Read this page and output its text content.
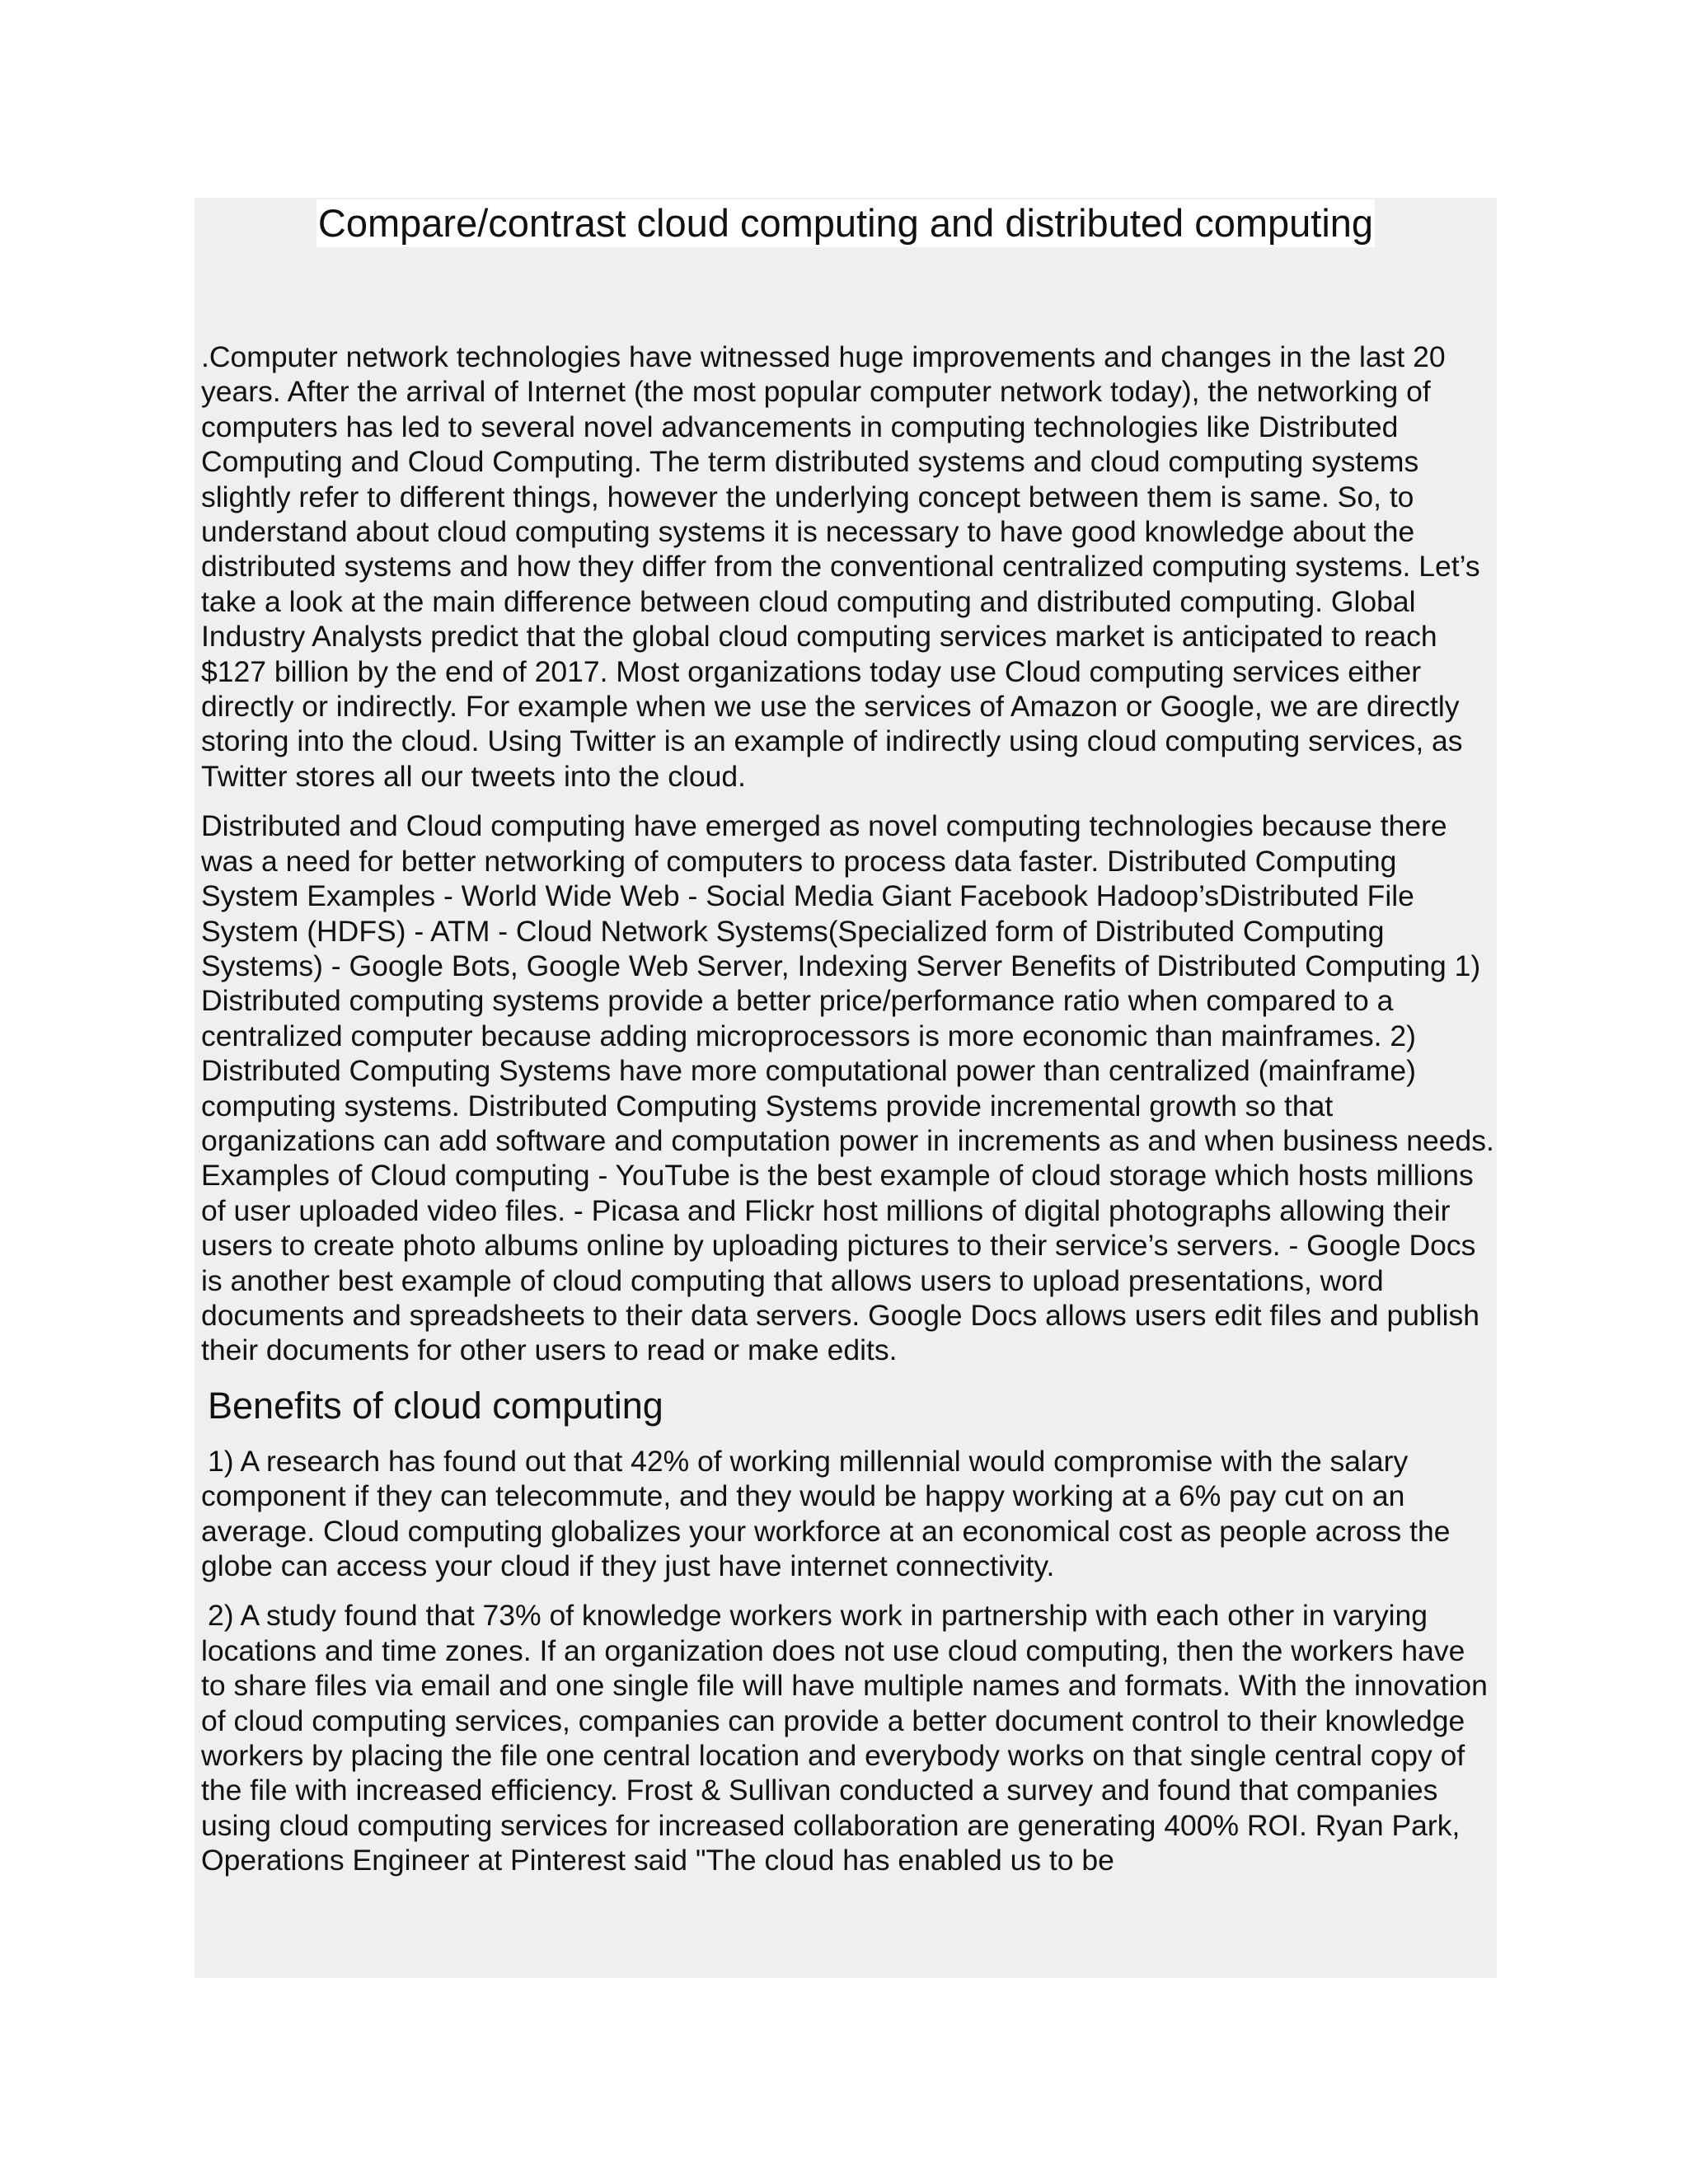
Compare/contrast cloud computing and distributed computing

.Computer network technologies have witnessed huge improvements and changes in the last 20 years. After the arrival of Internet (the most popular computer network today), the networking of computers has led to several novel advancements in computing technologies like Distributed Computing and Cloud Computing. The term distributed systems and cloud computing systems slightly refer to different things, however the underlying concept between them is same. So, to understand about cloud computing systems it is necessary to have good knowledge about the distributed systems and how they differ from the conventional centralized computing systems. Let’s take a look at the main difference between cloud computing and distributed computing. Global Industry Analysts predict that the global cloud computing services market is anticipated to reach $127 billion by the end of 2017. Most organizations today use Cloud computing services either directly or indirectly. For example when we use the services of Amazon or Google, we are directly storing into the cloud. Using Twitter is an example of indirectly using cloud computing services, as Twitter stores all our tweets into the cloud.

Distributed and Cloud computing have emerged as novel computing technologies because there was a need for better networking of computers to process data faster. Distributed Computing System Examples - World Wide Web - Social Media Giant Facebook Hadoop’sDistributed File System (HDFS) - ATM - Cloud Network Systems(Specialized form of Distributed Computing Systems) - Google Bots, Google Web Server, Indexing Server Benefits of Distributed Computing 1) Distributed computing systems provide a better price/performance ratio when compared to a centralized computer because adding microprocessors is more economic than mainframes. 2) Distributed Computing Systems have more computational power than centralized (mainframe) computing systems. Distributed Computing Systems provide incremental growth so that organizations can add software and computation power in increments as and when business needs. Examples of Cloud computing - YouTube is the best example of cloud storage which hosts millions of user uploaded video files. - Picasa and Flickr host millions of digital photographs allowing their users to create photo albums online by uploading pictures to their service’s servers. - Google Docs is another best example of cloud computing that allows users to upload presentations, word documents and spreadsheets to their data servers. Google Docs allows users edit files and publish their documents for other users to read or make edits.

Benefits of cloud computing

1) A research has found out that 42% of working millennial would compromise with the salary component if they can telecommute, and they would be happy working at a 6% pay cut on an average. Cloud computing globalizes your workforce at an economical cost as people across the globe can access your cloud if they just have internet connectivity.

2) A study found that 73% of knowledge workers work in partnership with each other in varying locations and time zones. If an organization does not use cloud computing, then the workers have to share files via email and one single file will have multiple names and formats. With the innovation of cloud computing services, companies can provide a better document control to their knowledge workers by placing the file one central location and everybody works on that single central copy of the file with increased efficiency. Frost & Sullivan conducted a survey and found that companies using cloud computing services for increased collaboration are generating 400% ROI. Ryan Park, Operations Engineer at Pinterest said "The cloud has enabled us to be
